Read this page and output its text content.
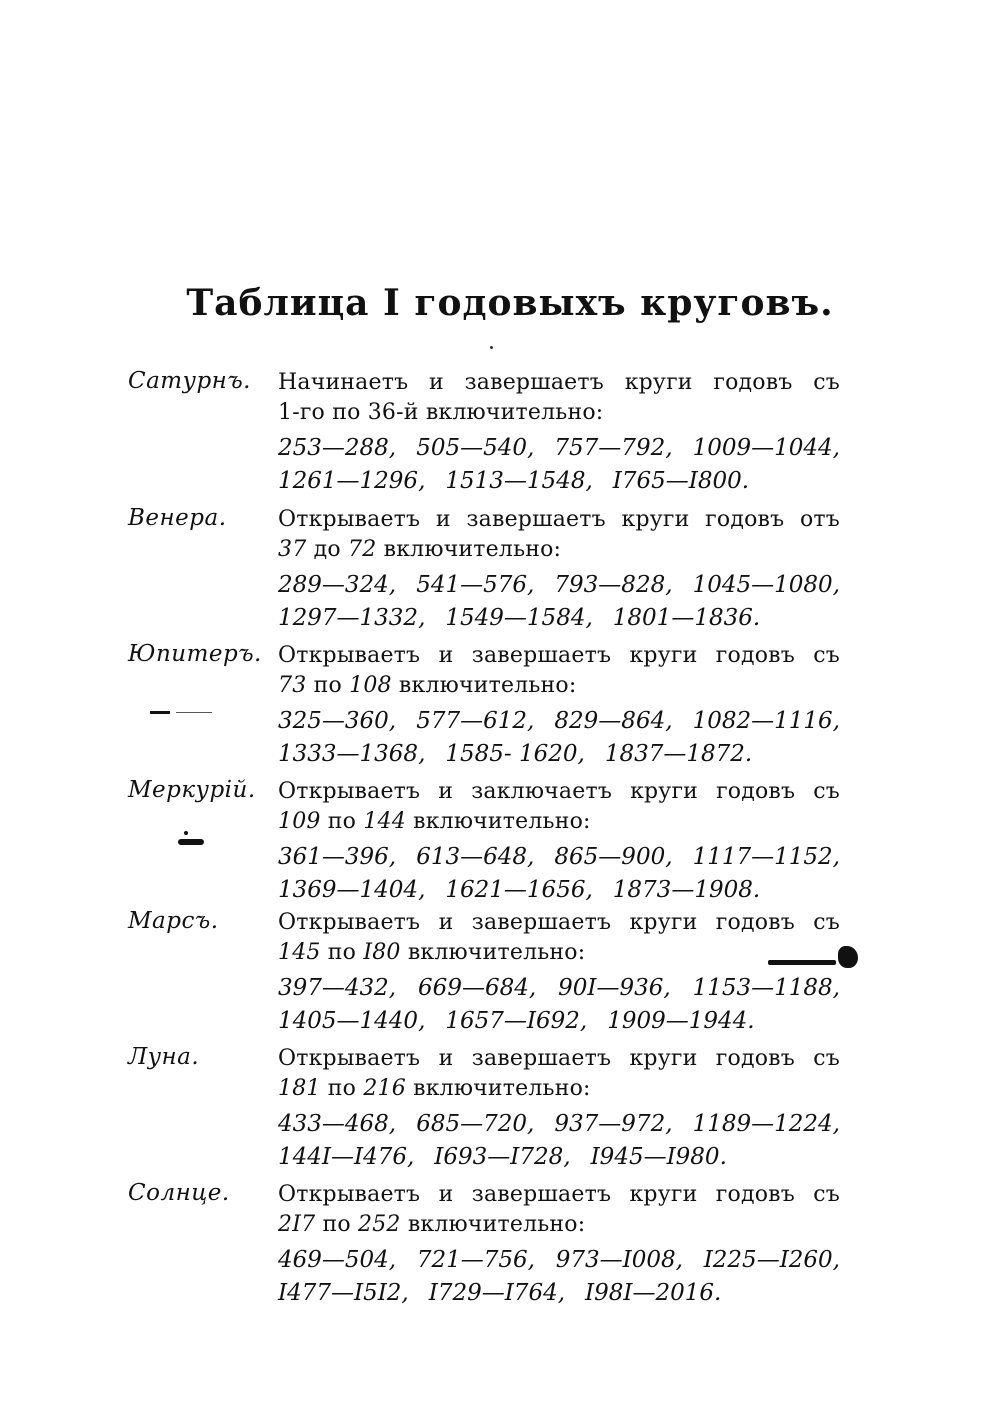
Таблица I годовыхъ круговъ.
Сатурнъ. Начинаетъ и завершаетъ круги годовъ съ
1-го по 36-й включительно:
253—288, 505—540, 757—792, 1009—1044,
1261—1296, 1513—1548, I765—I800.
Венера. Открываетъ и завершаетъ круги годовъ отъ
37 до 72 включительно:
289—324, 541—576, 793—828, 1045—1080,
1297—1332, 1549—1584, 1801—1836.
Юпитеръ. Открываетъ и завершаетъ круги годовъ съ
73 по 108 включительно:
325—360, 577—612, 829—864, 1082—1116,
1333—1368, 1585- 1620, 1837—1872.
Меркурій. Открываетъ и заключаетъ круги годовъ съ
109 по 144 включительно:
361—396, 613—648, 865—900, 1117—1152,
1369—1404, 1621—1656, 1873—1908.
Марсъ.	Открываетъ и завершаетъ круги годовъ съ
145 по I80 включительно:
397—432, 669—684, 90I—936, 1153—1188,
1405—1440, 1657—I692, 1909—1944.
Луна.	Открываетъ и завершаетъ круги годовъ съ
181 по 216 включительно:
433—468, 685—720, 937—972, 1189—1224,
144I—I476, I693—I728, I945—I980.
Солнце. Открываетъ и завершаетъ круги годовъ съ
2I7 по 252 включительно:
469—504, 721—756, 973—I008, I225—I260,
I477—I5I2, I729—I764, I98I—2016.
